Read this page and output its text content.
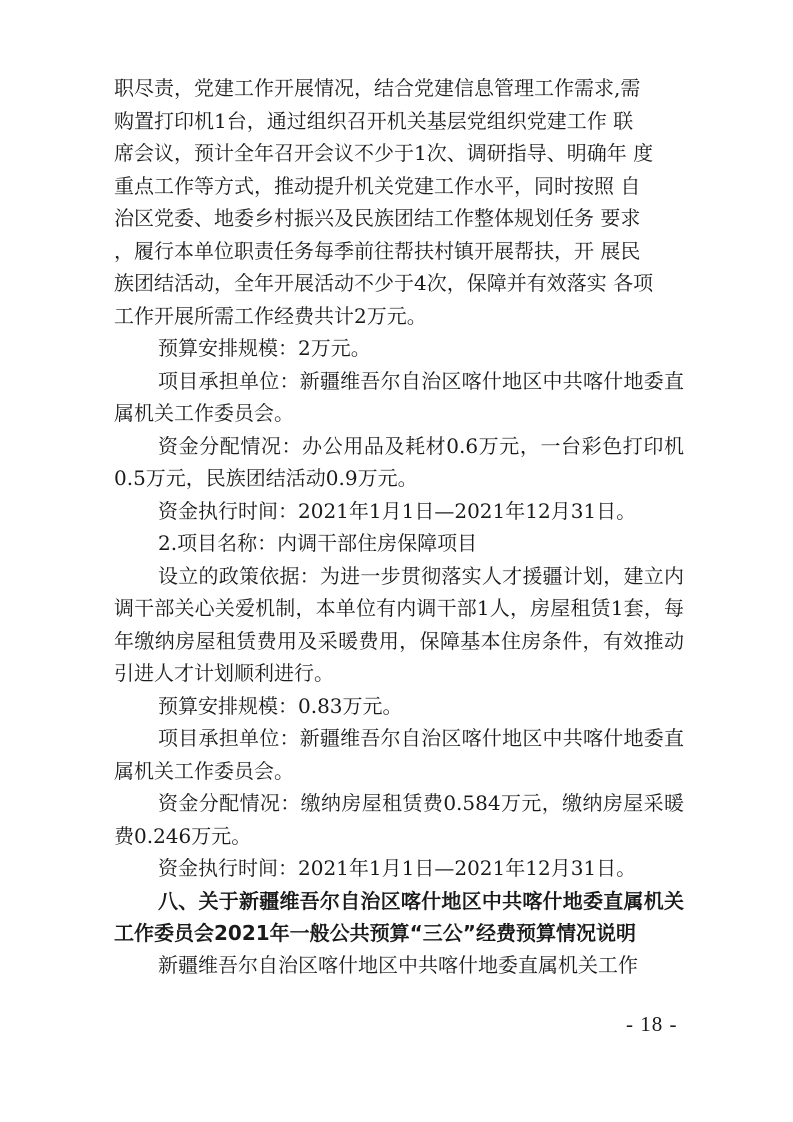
职尽责，党建工作开展情况，结合党建信息管理工作需求,需
购置打印机1台，通过组织召开机关基层党组织党建工作 联
席会议，预计全年召开会议不少于1次、调研指导、明确年 度
重点工作等方式，推动提升机关党建工作水平，同时按照 自
治区党委、地委乡村振兴及民族团结工作整体规划任务 要求
，履行本单位职责任务每季前往帮扶村镇开展帮扶，开 展民
族团结活动，全年开展活动不少于4次，保障并有效落实 各项
工作开展所需工作经费共计2万元。

预算安排规模：2万元。

项目承担单位：新疆维吾尔自治区喀什地区中共喀什地委直属机关工作委员会。

资金分配情况：办公用品及耗材0.6万元，一台彩色打印机0.5万元，民族团结活动0.9万元。

资金执行时间：2021年1月1日—2021年12月31日。

2.项目名称：内调干部住房保障项目

设立的政策依据：为进一步贯彻落实人才援疆计划，建立内调干部关心关爱机制，本单位有内调干部1人，房屋租赁1套，每年缴纳房屋租赁费用及采暖费用，保障基本住房条件，有效推动引进人才计划顺利进行。

预算安排规模：0.83万元。

项目承担单位：新疆维吾尔自治区喀什地区中共喀什地委直属机关工作委员会。

资金分配情况：缴纳房屋租赁费0.584万元，缴纳房屋采暖费0.246万元。

资金执行时间：2021年1月1日—2021年12月31日。

八、关于新疆维吾尔自治区喀什地区中共喀什地委直属机关工作委员会2021年一般公共预算“三公”经费预算情况说明

新疆维吾尔自治区喀什地区中共喀什地委直属机关工作

- 18 -
